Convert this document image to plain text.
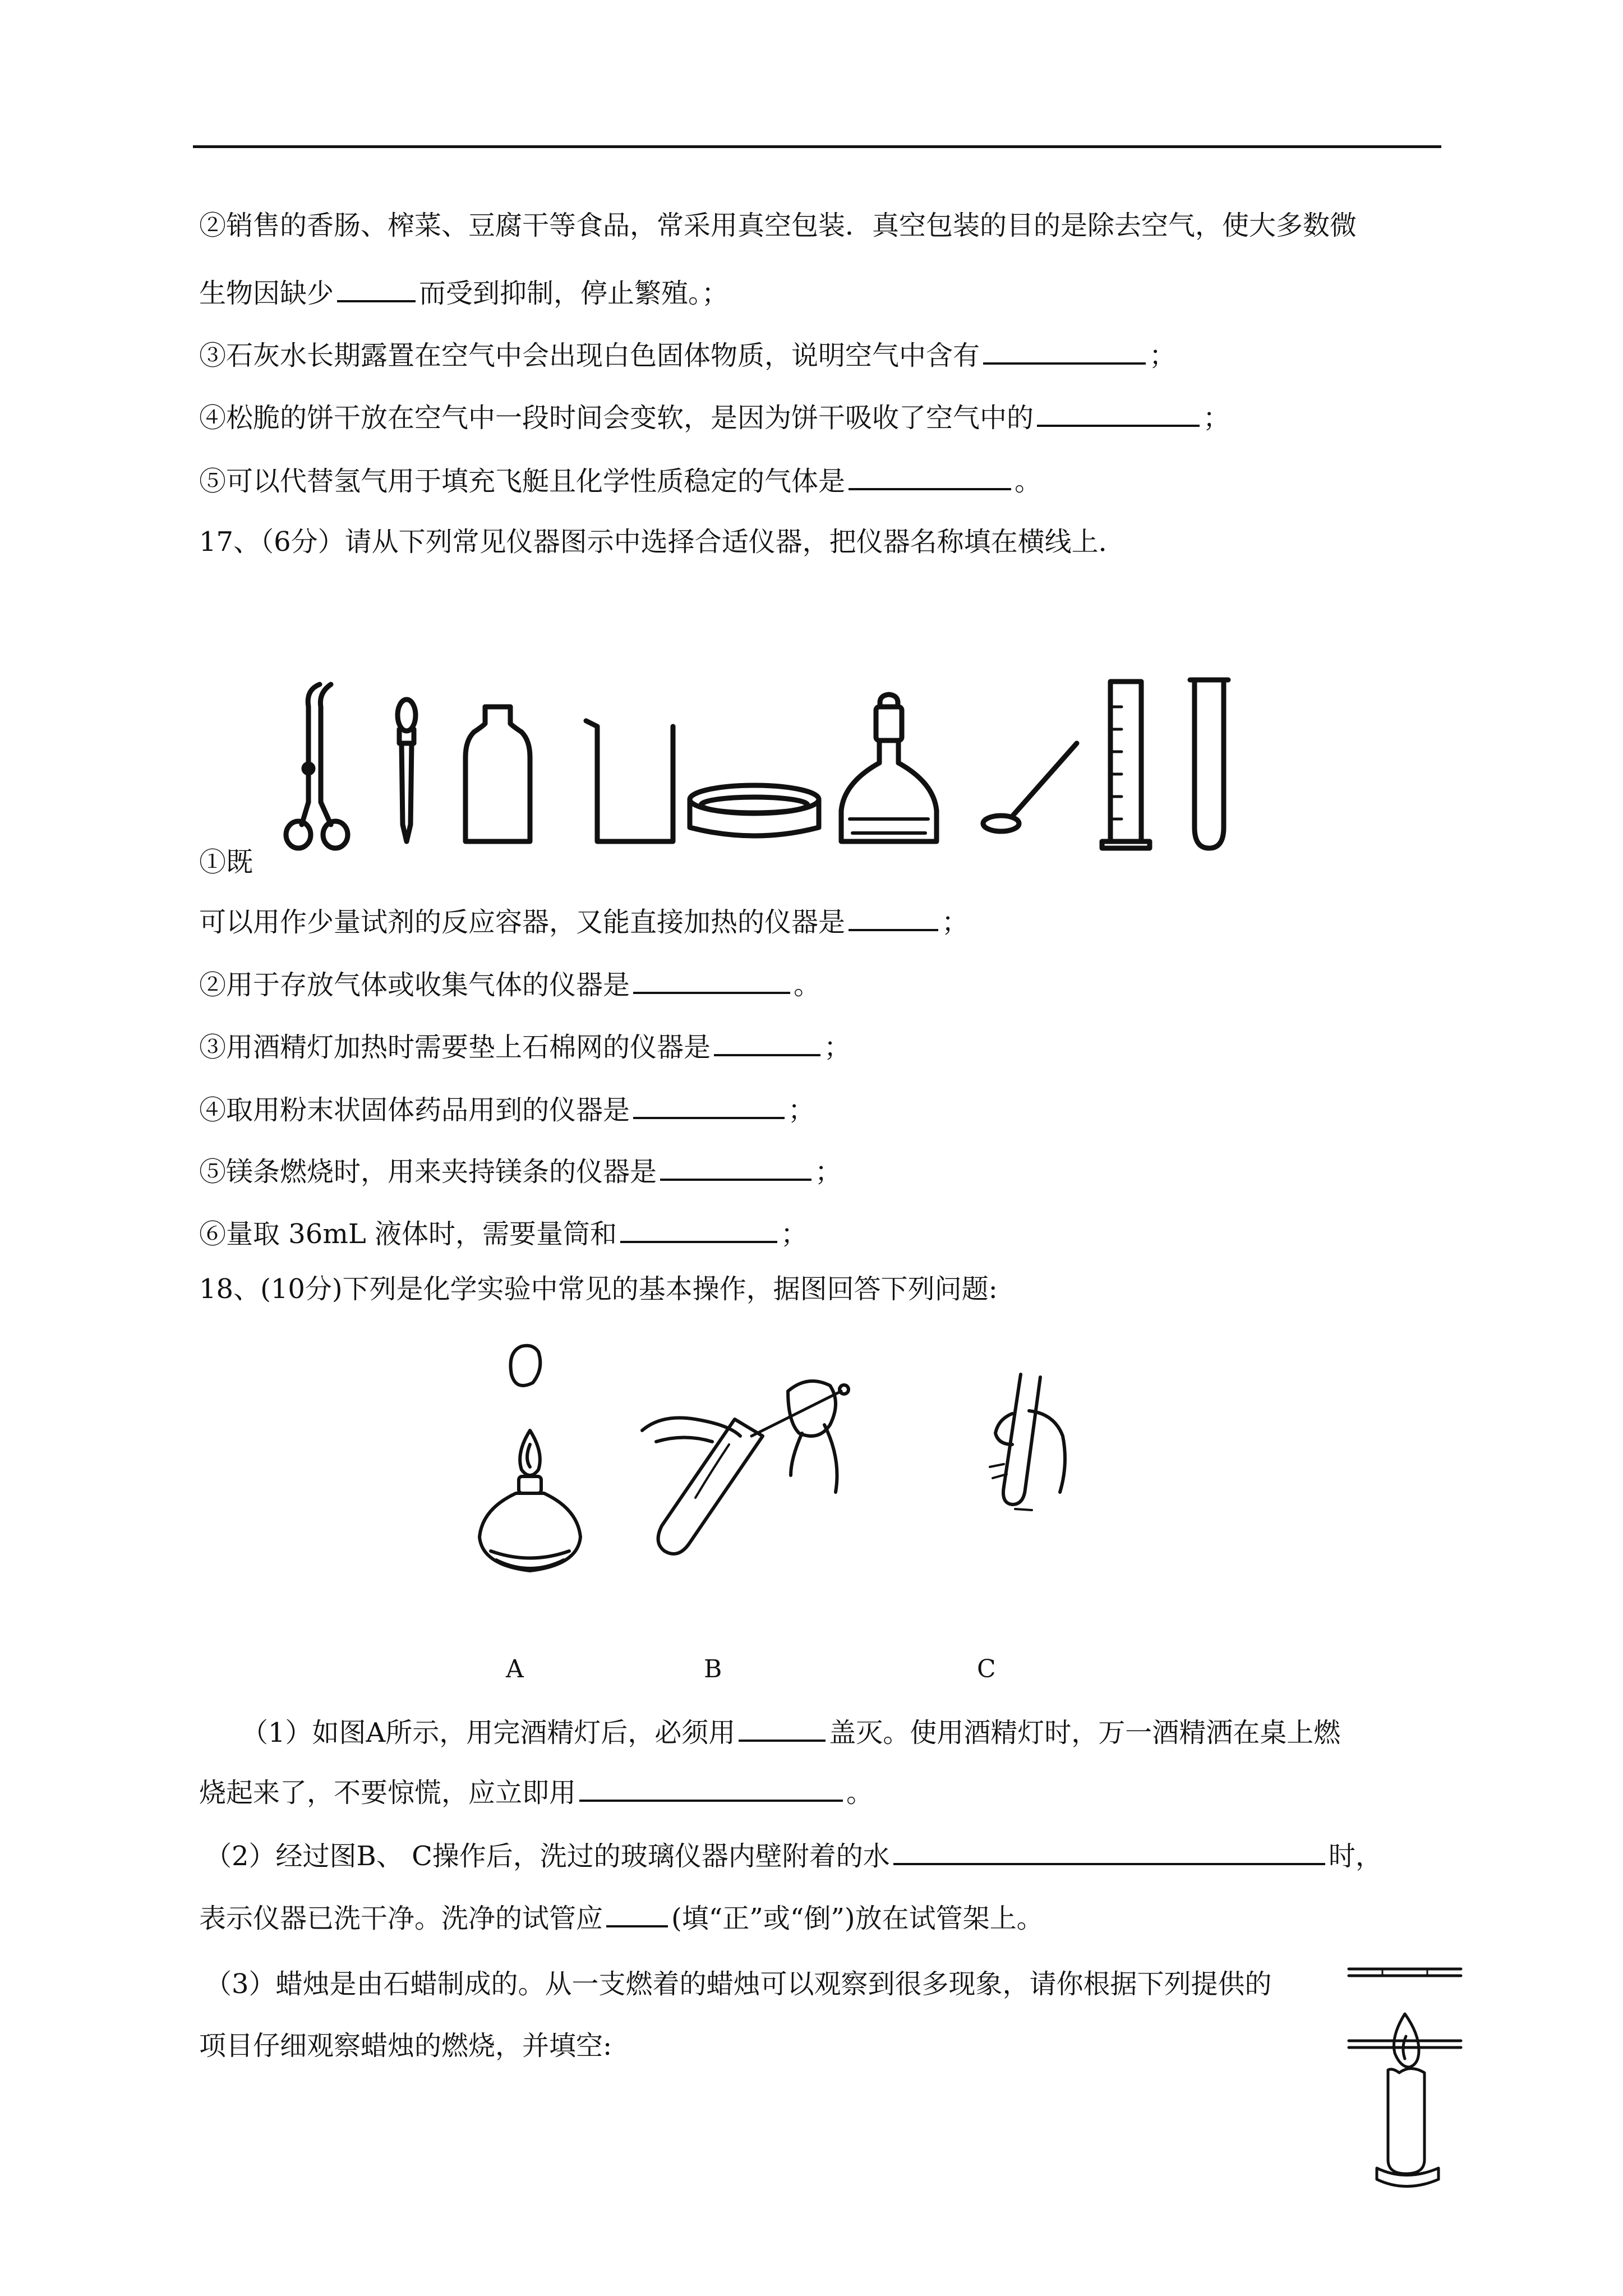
②销售的香肠、榨菜、豆腐干等食品，常采用真空包装．真空包装的目的是除去空气，使大多数微
生物因缺少	而受到抑制，停止繁殖。；
③石灰水长期露置在空气中会出现白色固体物质，说明空气中含有	；
④松脆的饼干放在空气中一段时间会变软，是因为饼干吸收了空气中的	；
⑤可以代替氢气用于填充飞艇且化学性质稳定的气体是	。
17、（6分）请从下列常见仪器图示中选择合适仪器，把仪器名称填在横线上．
①既
可以用作少量试剂的反应容器，又能直接加热的仪器是	；
②用于存放气体或收集气体的仪器是	。
③用酒精灯加热时需要垫上石棉网的仪器是	；
④取用粉末状固体药品用到的仪器是	；
⑤镁条燃烧时，用来夹持镁条的仪器是	；
⑥量取 36mL 液体时，需要量筒和	；
18、(10分)下列是化学实验中常见的基本操作，据图回答下列问题:
A	B	C
（1）如图A所示，用完酒精灯后，必须用	盖灭。使用酒精灯时，万一酒精洒在桌上燃
烧起来了，不要惊慌，应立即用	。
（2）经过图B、 C操作后，洗过的玻璃仪器内壁附着的水	时，
表示仪器已洗干净。洗净的试管应	(填“正”或“倒”)放在试管架上。
（3）蜡烛是由石蜡制成的。从一支燃着的蜡烛可以观察到很多现象，请你根据下列提供的
项目仔细观察蜡烛的燃烧，并填空:
